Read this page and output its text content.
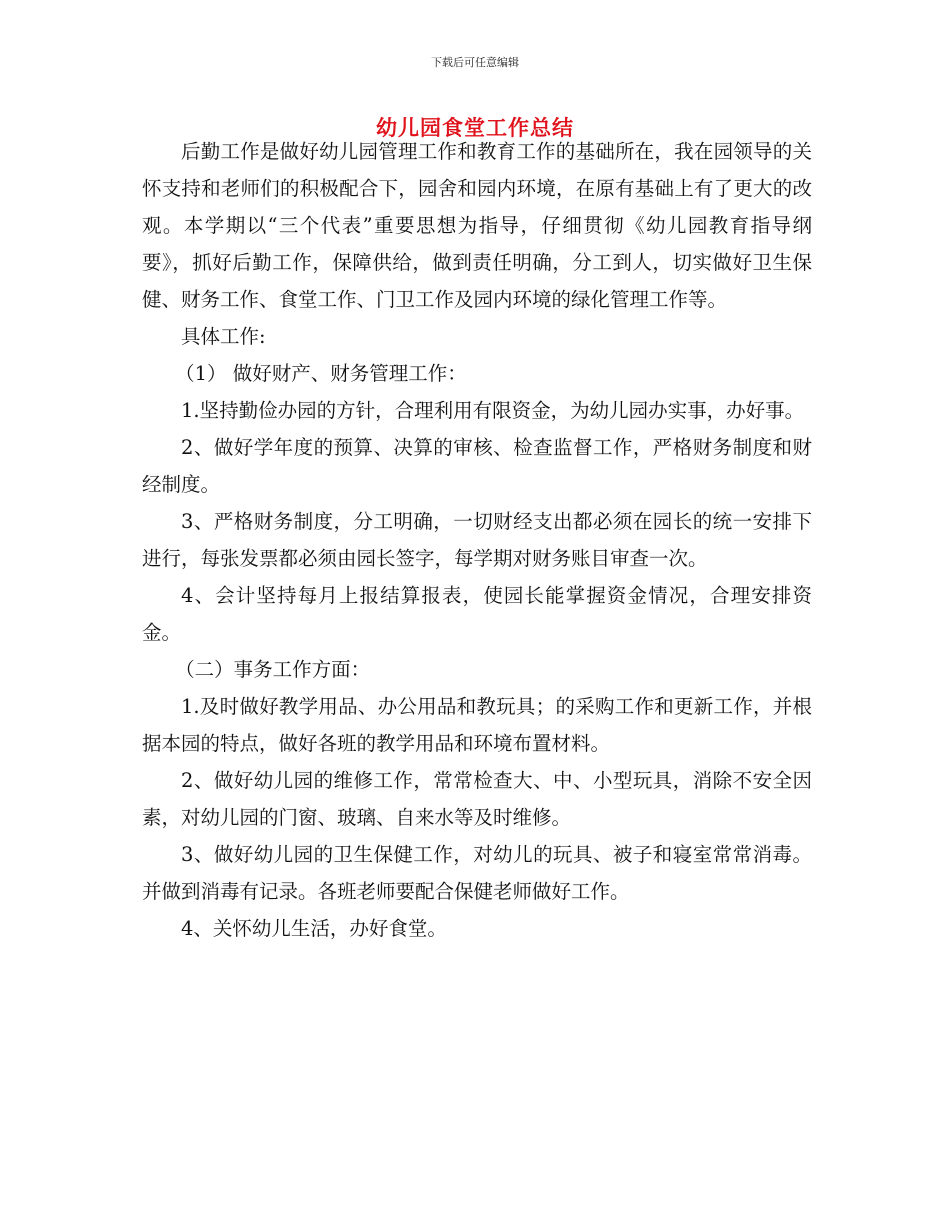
下载后可任意编辑
幼儿园食堂工作总结

后勤工作是做好幼儿园管理工作和教育工作的基础所在，我在园领导的关怀支持和老师们的积极配合下，园舍和园内环境，在原有基础上有了更大的改观。本学期以“三个代表”重要思想为指导，仔细贯彻《幼儿园教育指导纲要》，抓好后勤工作，保障供给，做到责任明确，分工到人，切实做好卫生保健、财务工作、食堂工作、门卫工作及园内环境的绿化管理工作等。

具体工作:

（1） 做好财产、财务管理工作：

1.坚持勤俭办园的方针，合理利用有限资金，为幼儿园办实事，办好事。

2、做好学年度的预算、决算的审核、检查监督工作，严格财务制度和财经制度。

3、严格财务制度，分工明确，一切财经支出都必须在园长的统一安排下进行，每张发票都必须由园长签字，每学期对财务账目审查一次。

4、会计坚持每月上报结算报表，使园长能掌握资金情况，合理安排资金。

（二）事务工作方面：

1.及时做好教学用品、办公用品和教玩具；的采购工作和更新工作，并根据本园的特点，做好各班的教学用品和环境布置材料。

2、做好幼儿园的维修工作，常常检查大、中、小型玩具，消除不安全因素，对幼儿园的门窗、玻璃、自来水等及时维修。

3、做好幼儿园的卫生保健工作，对幼儿的玩具、被子和寝室常常消毒。并做到消毒有记录。各班老师要配合保健老师做好工作。

4、关怀幼儿生活，办好食堂。
